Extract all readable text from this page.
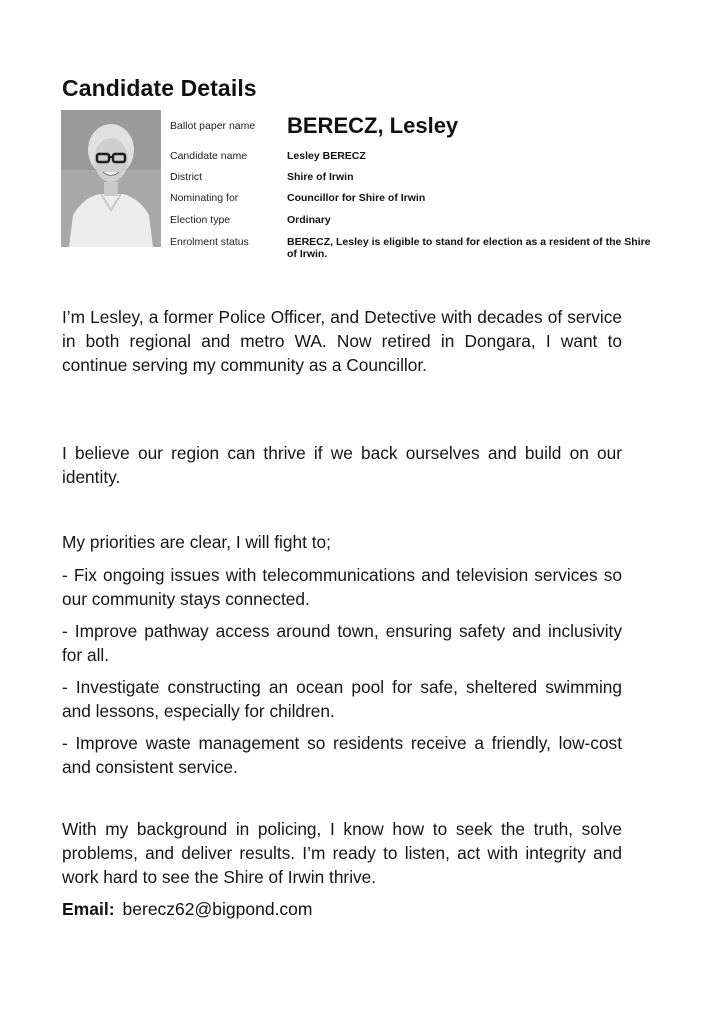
Candidate Details
Ballot paper name	BERECZ, Lesley
Candidate name	Lesley BERECZ
District	Shire of Irwin
Nominating for	Councillor for Shire of Irwin
Election type	Ordinary
Enrolment status	BERECZ, Lesley is eligible to stand for election as a resident of the Shire of Irwin.

I’m Lesley, a former Police Officer, and Detective with decades of service in both regional and metro WA. Now retired in Dongara, I want to continue serving my community as a Councillor.

I believe our region can thrive if we back ourselves and build on our identity.

My priorities are clear, I will fight to;

- Fix ongoing issues with telecommunications and television services so our community stays connected.

- Improve pathway access around town, ensuring safety and inclusivity for all.

- Investigate constructing an ocean pool for safe, sheltered swimming and lessons, especially for children.

- Improve waste management so residents receive a friendly, low-cost and consistent service.

With my background in policing, I know how to seek the truth, solve problems, and deliver results. I’m ready to listen, act with integrity and work hard to see the Shire of Irwin thrive.

Email: berecz62@bigpond.com
